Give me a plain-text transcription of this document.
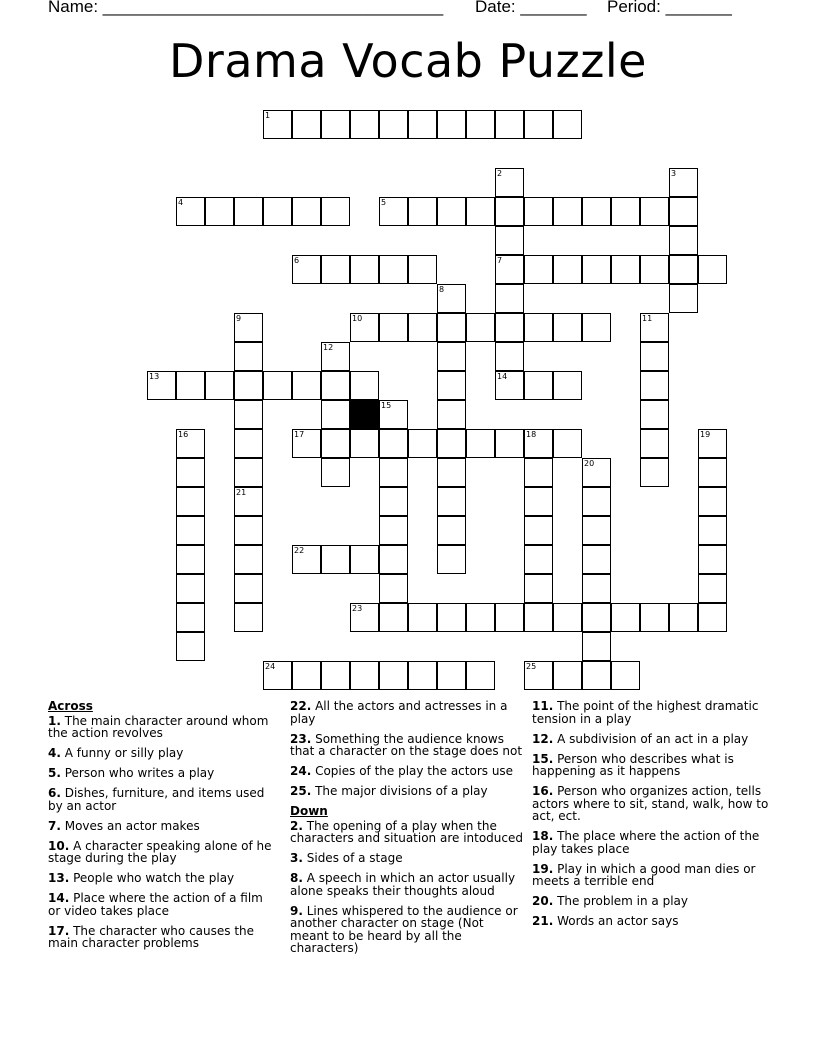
Name: ____________________________________ Date: _______ Period: _______
Drama Vocab Puzzle
1
2
7
14
3
4	5
6
8
9	10	11
12
13
15
16	17	18	19
20
21
22
23
24	25
Across
1. The main character around whom the action revolves
4. A funny or silly play
5. Person who writes a play
6. Dishes, furniture, and items used by an actor
7. Moves an actor makes
10. A character speaking alone of he stage during the play
13. People who watch the play
14. Place where the action of a film or video takes place
17. The character who causes the main character problems
22. All the actors and actresses in a play
23. Something the audience knows that a character on the stage does not
24. Copies of the play the actors use
25. The major divisions of a play
Down
2. The opening of a play when the characters and situation are intoduced
3. Sides of a stage
8. A speech in which an actor usually alone speaks their thoughts aloud
9. Lines whispered to the audience or another character on stage (Not meant to be heard by all the characters)
11. The point of the highest dramatic tension in a play
12. A subdivision of an act in a play
15. Person who describes what is happening as it happens
16. Person who organizes action, tells actors where to sit, stand, walk, how to act, ect.
18. The place where the action of the play takes place
19. Play in which a good man dies or meets a terrible end
20. The problem in a play
21. Words an actor says
